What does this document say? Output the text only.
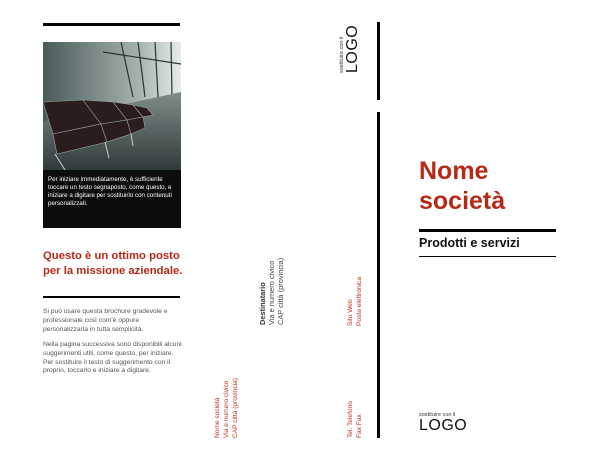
Per iniziare immediatamente, è sufficiente toccare un testo segnaposto, come questo, e iniziare a digitare per sostituirlo con contenuti personalizzati.
Questo è un ottimo posto per la missione aziendale.
Si può usare questa brochure gradevole e professionale così com'è oppure personalizzarla in tutta semplicità.
Nella pagina successiva sono disponibili alcuni suggerimenti utili, come questo, per iniziare. Per sostituire il testo di suggerimento con il proprio, toccarlo e iniziare a digitare.
Nome società Via e numero civico CAP città (provincia)
Destinatario Via e numero civico CAP città (provincia)
sostituire con il LOGO
Sito Web Posta elettronica
Tel. Telefono Fax Fax
Nome
società
Prodotti e servizi
sostituire con il
LOGO
